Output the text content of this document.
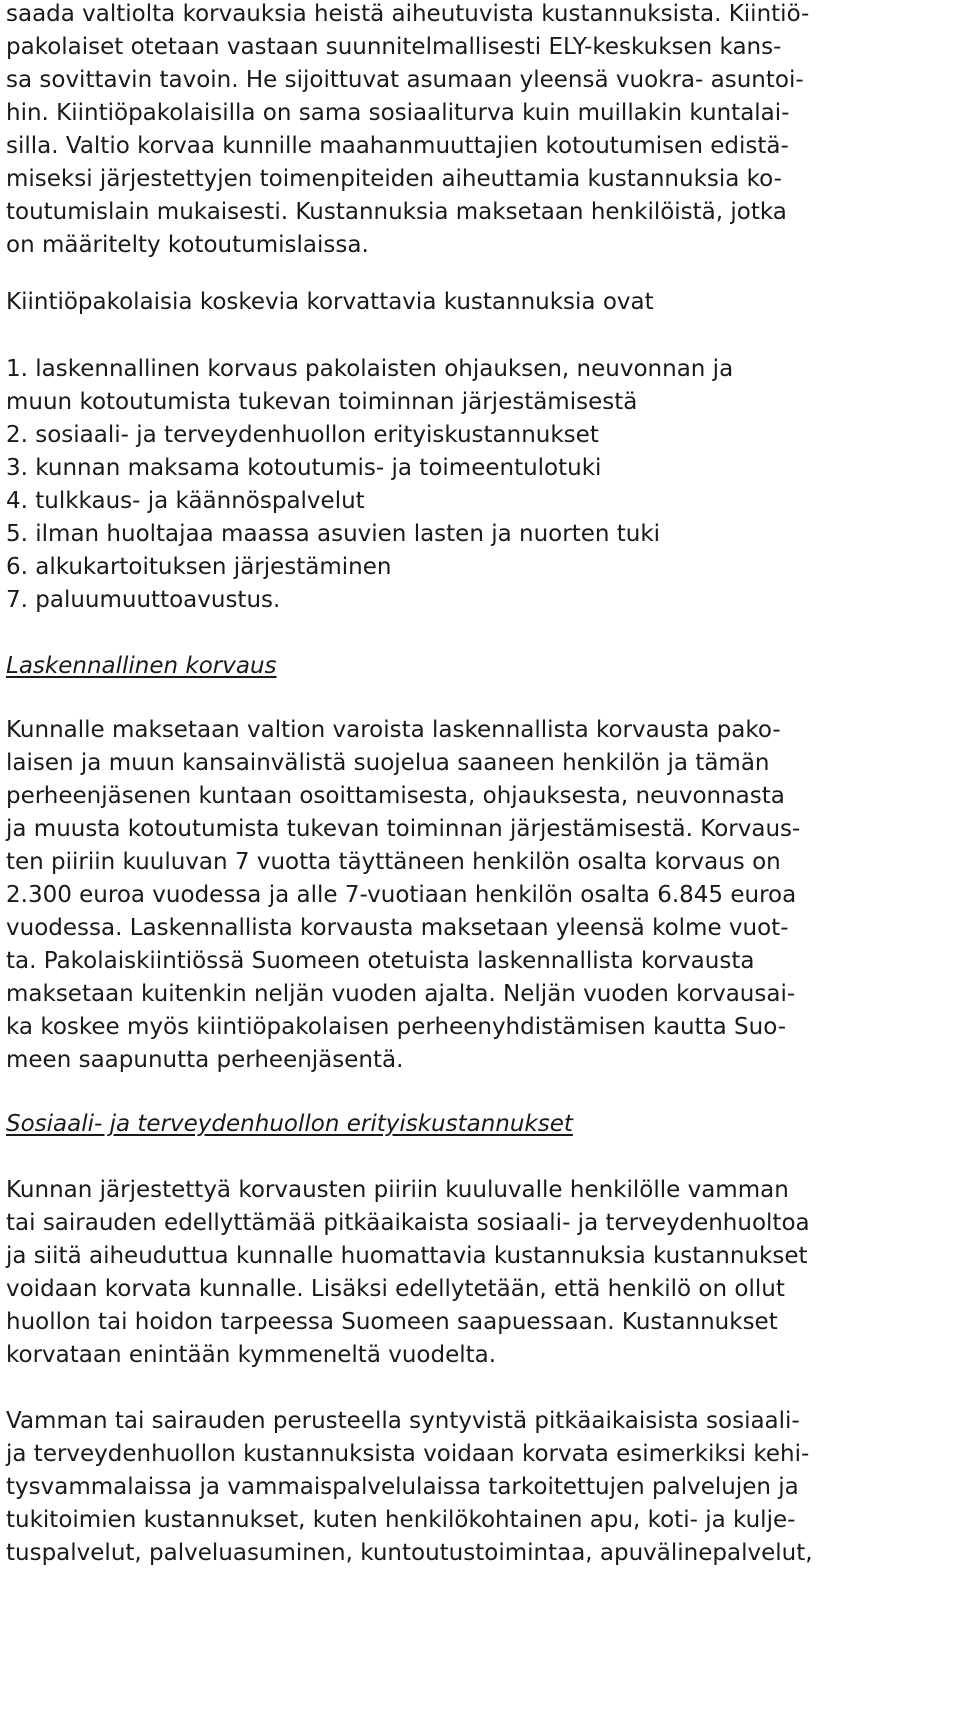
saada valtiolta korvauksia heistä aiheutuvista kustannuksista. Kiintiö-
pakolaiset otetaan vastaan suunnitelmallisesti ELY-keskuksen kans-
sa sovittavin tavoin. He sijoittuvat asumaan yleensä vuokra- asuntoi-
hin. Kiintiöpakolaisilla on sama sosiaaliturva kuin muillakin kuntalai-
silla. Valtio korvaa kunnille maahanmuuttajien kotoutumisen edistä-
miseksi järjestettyjen toimenpiteiden aiheuttamia kustannuksia ko-
toutumislain mukaisesti. Kustannuksia maksetaan henkilöistä, jotka
on määritelty kotoutumislaissa.
Kiintiöpakolaisia koskevia korvattavia kustannuksia ovat
1. laskennallinen korvaus pakolaisten ohjauksen, neuvonnan ja
muun kotoutumista tukevan toiminnan järjestämisestä
2. sosiaali- ja terveydenhuollon erityiskustannukset
3. kunnan maksama kotoutumis- ja toimeentulotuki
4. tulkkaus- ja käännöspalvelut
5. ilman huoltajaa maassa asuvien lasten ja nuorten tuki
6. alkukartoituksen järjestäminen
7. paluumuuttoavustus.
Laskennallinen korvaus
Kunnalle maksetaan valtion varoista laskennallista korvausta pako-
laisen ja muun kansainvälistä suojelua saaneen henkilön ja tämän
perheenjäsenen kuntaan osoittamisesta, ohjauksesta, neuvonnasta
ja muusta kotoutumista tukevan toiminnan järjestämisestä. Korvaus-
ten piiriin kuuluvan 7 vuotta täyttäneen henkilön osalta korvaus on
2.300 euroa vuodessa ja alle 7-vuotiaan henkilön osalta 6.845 euroa
vuodessa. Laskennallista korvausta maksetaan yleensä kolme vuot-
ta. Pakolaiskiintiössä Suomeen otetuista laskennallista korvausta
maksetaan kuitenkin neljän vuoden ajalta. Neljän vuoden korvausai-
ka koskee myös kiintiöpakolaisen perheenyhdistämisen kautta Suo-
meen saapunutta perheenjäsentä.
Sosiaali- ja terveydenhuollon erityiskustannukset
Kunnan järjestettyä korvausten piiriin kuuluvalle henkilölle vamman
tai sairauden edellyttämää pitkäaikaista sosiaali- ja terveydenhuoltoa
ja siitä aiheuduttua kunnalle huomattavia kustannuksia kustannukset
voidaan korvata kunnalle. Lisäksi edellytetään, että henkilö on ollut
huollon tai hoidon tarpeessa Suomeen saapuessaan. Kustannukset
korvataan enintään kymmeneltä vuodelta.
Vamman tai sairauden perusteella syntyvistä pitkäaikaisista sosiaali-
ja terveydenhuollon kustannuksista voidaan korvata esimerkiksi kehi-
tysvammalaissa ja vammaispalvelulaissa tarkoitettujen palvelujen ja
tukitoimien kustannukset, kuten henkilökohtainen apu, koti- ja kulje-
tuspalvelut, palveluasuminen, kuntoutustoimintaa, apuvälinepalvelut,
